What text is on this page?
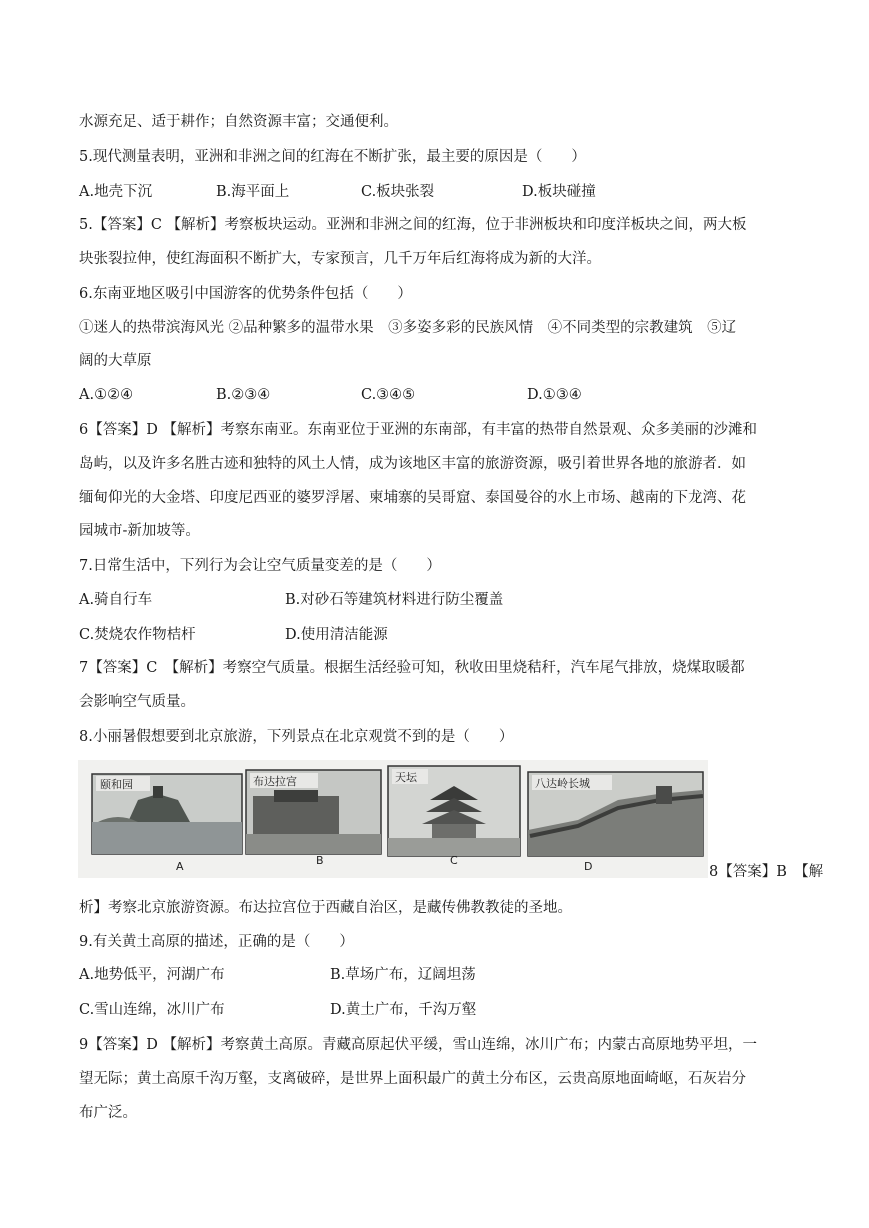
水源充足、适于耕作；自然资源丰富；交通便利。

5.现代测量表明，亚洲和非洲之间的红海在不断扩张，最主要的原因是（　　）

A.地壳下沉	B.海平面上	C.板块张裂	D.板块碰撞

5.【答案】C 【解析】考察板块运动。亚洲和非洲之间的红海，位于非洲板块和印度洋板块之间，两大板

块张裂拉伸，使红海面积不断扩大，专家预言，几千万年后红海将成为新的大洋。

6.东南亚地区吸引中国游客的优势条件包括（　　）

①迷人的热带滨海风光 ②品种繁多的温带水果　③多姿多彩的民族风情　④不同类型的宗教建筑　⑤辽

阔的大草原

A.①②④	B.②③④	C.③④⑤	D.①③④

6【答案】D 【解析】考察东南亚。东南亚位于亚洲的东南部，有丰富的热带自然景观、众多美丽的沙滩和

岛屿，以及许多名胜古迹和独特的风土人情，成为该地区丰富的旅游资源，吸引着世界各地的旅游者．如

缅甸仰光的大金塔、印度尼西亚的婆罗浮屠、柬埔寨的吴哥窟、泰国曼谷的水上市场、越南的下龙湾、花

园城市-新加坡等。

7.日常生活中，下列行为会让空气质量变差的是（　　）

A.骑自行车	B.对砂石等建筑材料进行防尘覆盖
C.焚烧农作物桔杆	D.使用清洁能源

7【答案】C　【解析】考察空气质量。根据生活经验可知，秋收田里烧秸秆，汽车尾气排放，烧煤取暖都

会影响空气质量。

8.小丽暑假想要到北京旅游，下列景点在北京观赏不到的是（　　）

颐和园
A
布达拉宫
B
天坛
C
八达岭长城
D	8【答案】B　【解

析】考察北京旅游资源。布达拉宫位于西藏自治区，是藏传佛教教徒的圣地。

9.有关黄土高原的描述，正确的是（　　）

A.地势低平，河湖广布	B.草场广布，辽阔坦荡
C.雪山连绵，冰川广布	D.黄土广布，千沟万壑

9【答案】D 【解析】考察黄土高原。青藏高原起伏平缓，雪山连绵，冰川广布；内蒙古高原地势平坦，一

望无际；黄土高原千沟万壑，支离破碎，是世界上面积最广的黄土分布区，云贵高原地面崎岖，石灰岩分

布广泛。
